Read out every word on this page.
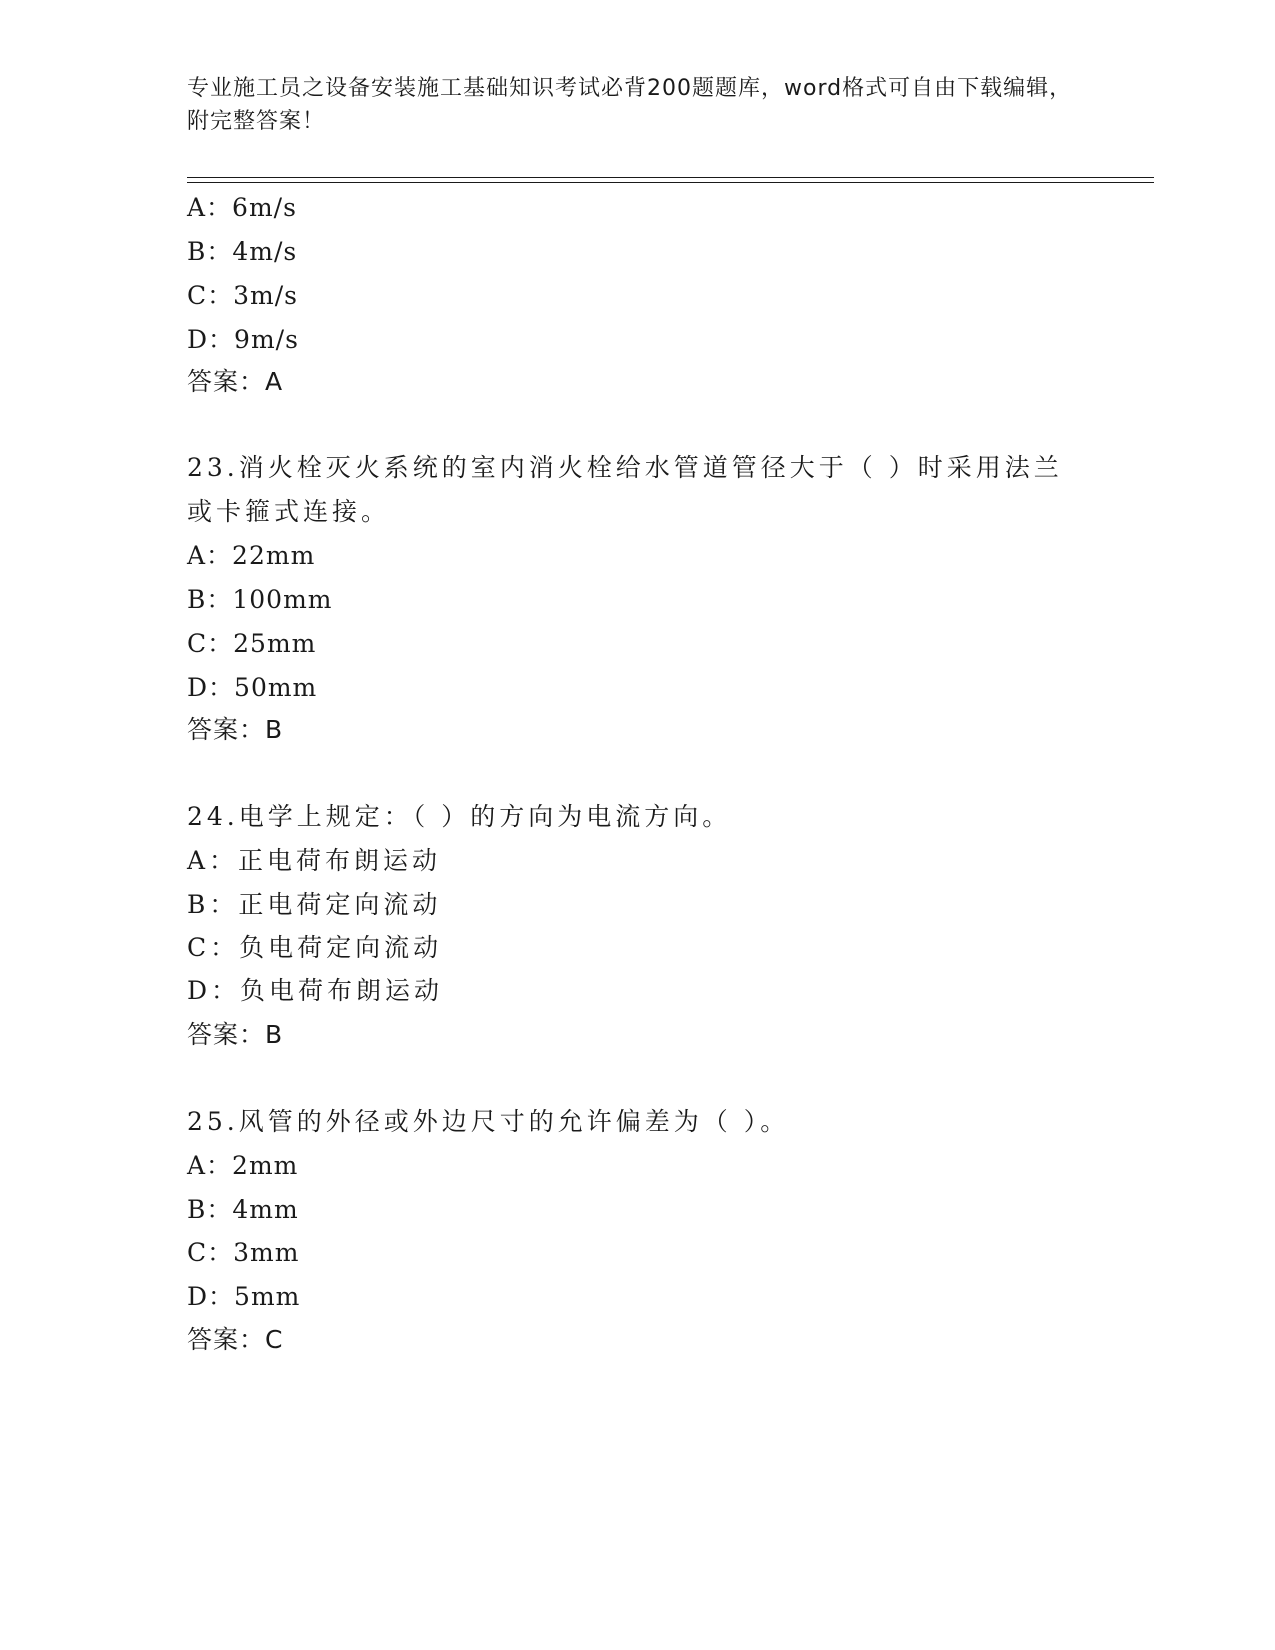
专业施工员之设备安装施工基础知识考试必背200题题库，word格式可自由下载编辑，附完整答案！
A：6m/s
B：4m/s
C：3m/s
D：9m/s
答案：A
23.消火栓灭火系统的室内消火栓给水管道管径大于（ ）时采用法兰
或卡箍式连接。
A：22mm
B：100mm
C：25mm
D：50mm
答案：B
24.电学上规定：（ ）的方向为电流方向。
A：正电荷布朗运动
B：正电荷定向流动
C：负电荷定向流动
D：负电荷布朗运动
答案：B
25.风管的外径或外边尺寸的允许偏差为（ ）。
A：2mm
B：4mm
C：3mm
D：5mm
答案：C
